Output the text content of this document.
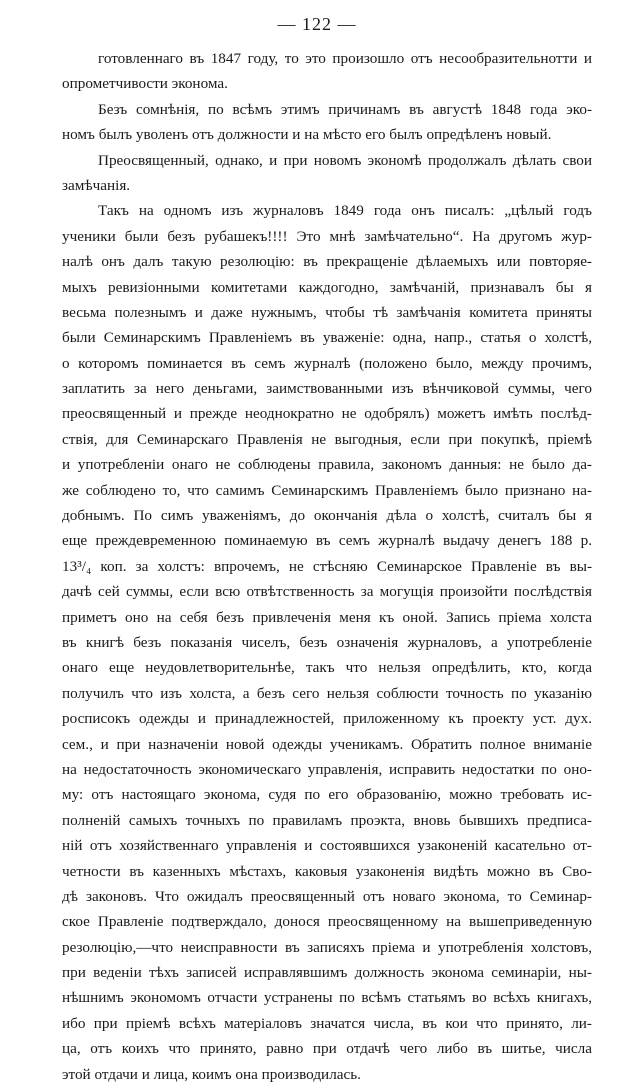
— 122 —
готовленнаго въ 1847 году, то это произошло отъ несообразительнотти и
опрометчивости эконома.
Безъ сомнѣнія, по всѣмъ этимъ причинамъ въ августѣ 1848 года эко-
номъ былъ уволенъ отъ должности и на мѣсто его былъ опредѣленъ новый.
Преосвященный, однако, и при новомъ экономѣ продолжалъ дѣлать свои
замѣчанія.
Такъ на одномъ изъ журналовъ 1849 года онъ писалъ: „цѣлый годъ
ученики были безъ рубашекъ!!!! Это мнѣ замѣчательно“. На другомъ жур-
налѣ онъ далъ такую резолюцію: въ прекращеніе дѣлаемыхъ или повторяе-
мыхъ ревизіонными комитетами каждогодно, замѣчаній, признавалъ бы я
весьма полезнымъ и даже нужнымъ, чтобы тѣ замѣчанія комитета приняты
были Семинарскимъ Правленіемъ въ уваженіе: одна, напр., статья о холстѣ,
о которомъ поминается въ семъ журналѣ (положено было, между прочимъ,
заплатить за него деньгами, заимствованными изъ вѣнчиковой суммы, чего
преосвященный и прежде неоднократно не одобрялъ) можетъ имѣть послѣд-
ствія, для Семинарскаго Правленія не выгодныя, если при покупкѣ, пріемѣ
и употребленіи онаго не соблюдены правила, закономъ данныя: не было да-
же соблюдено то, что самимъ Семинарскимъ Правленіемъ было признано на-
добнымъ. По симъ уваженіямъ, до окончанія дѣла о холстѣ, считалъ бы я
еще преждевременною поминаемую въ семъ журналѣ выдачу денегъ 188 р.
13³/₄ коп. за холстъ: впрочемъ, не стѣсняю Семинарское Правленіе въ вы-
дачѣ сей суммы, если всю отвѣтственность за могущія произойти послѣдствія
приметъ оно на себя безъ привлеченія меня къ оной. Запись пріема холста
въ книгѣ безъ показанія чиселъ, безъ означенія журналовъ, а употребленіе
онаго еще неудовлетворительнѣе, такъ что нельзя опредѣлить, кто, когда
получилъ что изъ холста, а безъ сего нельзя соблюсти точность по указанію
росписокъ одежды и принадлежностей, приложенному къ проекту уст. дух.
сем., и при назначеніи новой одежды ученикамъ. Обратить полное вниманіе
на недостаточность экономическаго управленія, исправить недостатки по оно-
му: отъ настоящаго эконома, судя по его образованію, можно требовать ис-
полненій самыхъ точныхъ по правиламъ проэкта, вновь бывшихъ предписа-
ній отъ хозяйственнаго управленія и состоявшихся узаконеній касательно от-
четности въ казенныхъ мѣстахъ, каковыя узаконенія видѣть можно въ Сво-
дѣ законовъ. Что ожидалъ преосвященный отъ новаго эконома, то Семинар-
ское Правленіе подтверждало, донося преосвященному на вышеприведенную
резолюцію,—что неисправности въ записяхъ пріема и употребленія холстовъ,
при веденіи тѣхъ записей исправлявшимъ должность эконома семинаріи, ны-
нѣшнимъ экономомъ отчасти устранены по всѣмъ статьямъ во всѣхъ книгахъ,
ибо при пріемѣ всѣхъ матеріаловъ значатся числа, въ кои что принято, ли-
ца, отъ коихъ что принято, равно при отдачѣ чего либо въ шитье, числа
этой отдачи и лица, коимъ она производилась.
